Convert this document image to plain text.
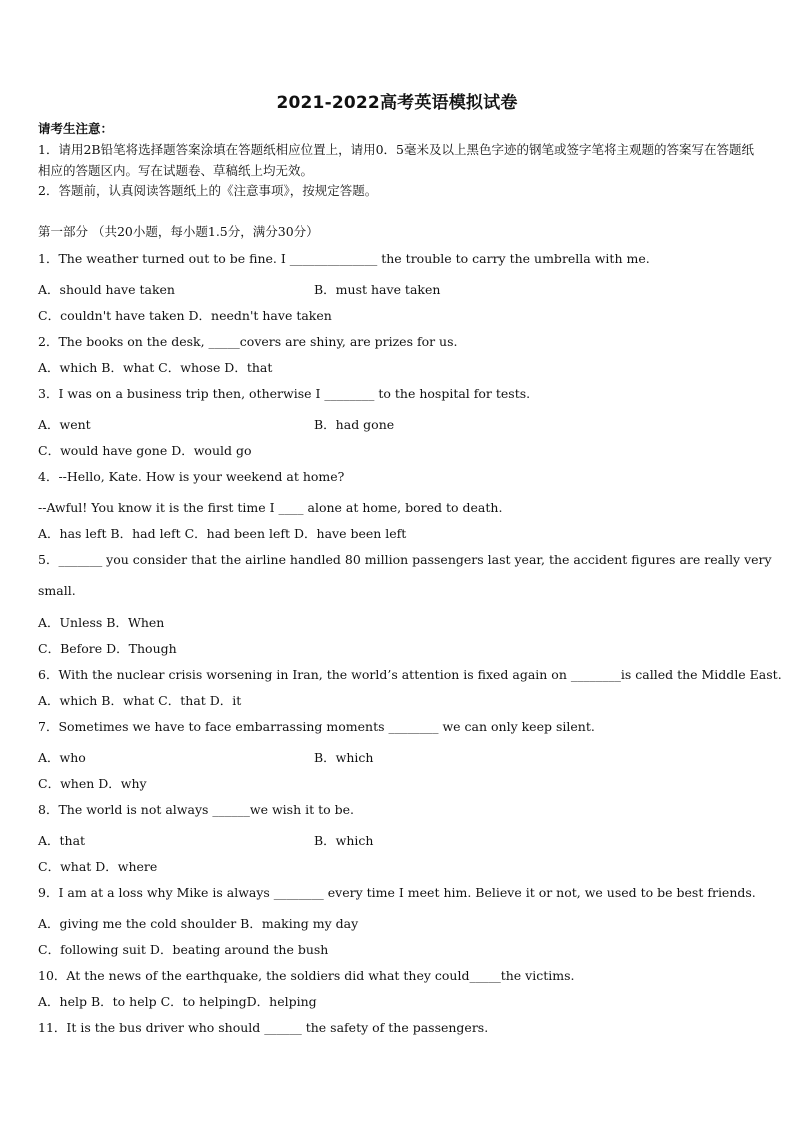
2021-2022高考英语模拟试卷
请考生注意：
1．请用2B铅笔将选择题答案涂填在答题纸相应位置上，请用0．5毫米及以上黑色字迹的钢笔或签字笔将主观题的答案写在答题纸相应的答题区内。写在试题卷、草稿纸上均无效。
2．答题前，认真阅读答题纸上的《注意事项》，按规定答题。
第一部分 （共20小题，每小题1.5分，满分30分）
1．The weather turned out to be fine. I ______________ the trouble to carry the umbrella with me.
A．should have taken	B．must have taken
C．couldn't have taken D．needn't have taken
2．The books on the desk, _____covers are shiny, are prizes for us.
A．which B．what C．whose D．that
3．I was on a business trip then, otherwise I ________ to the hospital for tests.
A．went	B．had gone
C．would have gone D．would go
4．--Hello, Kate. How is your weekend at home?
--Awful! You know it is the first time I ____ alone at home, bored to death.
A．has left B．had left C．had been left D．have been left
5．_______ you consider that the airline handled 80 million passengers last year, the accident figures are really very
small.
A．Unless B．When
C．Before D．Though
6．With the nuclear crisis worsening in Iran, the world’s attention is fixed again on ________is called the Middle East.
A．which B．what C．that D．it
7．Sometimes we have to face embarrassing moments ________ we can only keep silent.
A．who	B．which
C．when D．why
8．The world is not always ______we wish it to be.
A．that	B．which
C．what D．where
9．I am at a loss why Mike is always ________ every time I meet him. Believe it or not, we used to be best friends.
A．giving me the cold shoulder B．making my day
C．following suit D．beating around the bush
10．At the news of the earthquake, the soldiers did what they could_____the victims.
A．help B．to help C．to helpingD．helping
11．It is the bus driver who should ______ the safety of the passengers.
